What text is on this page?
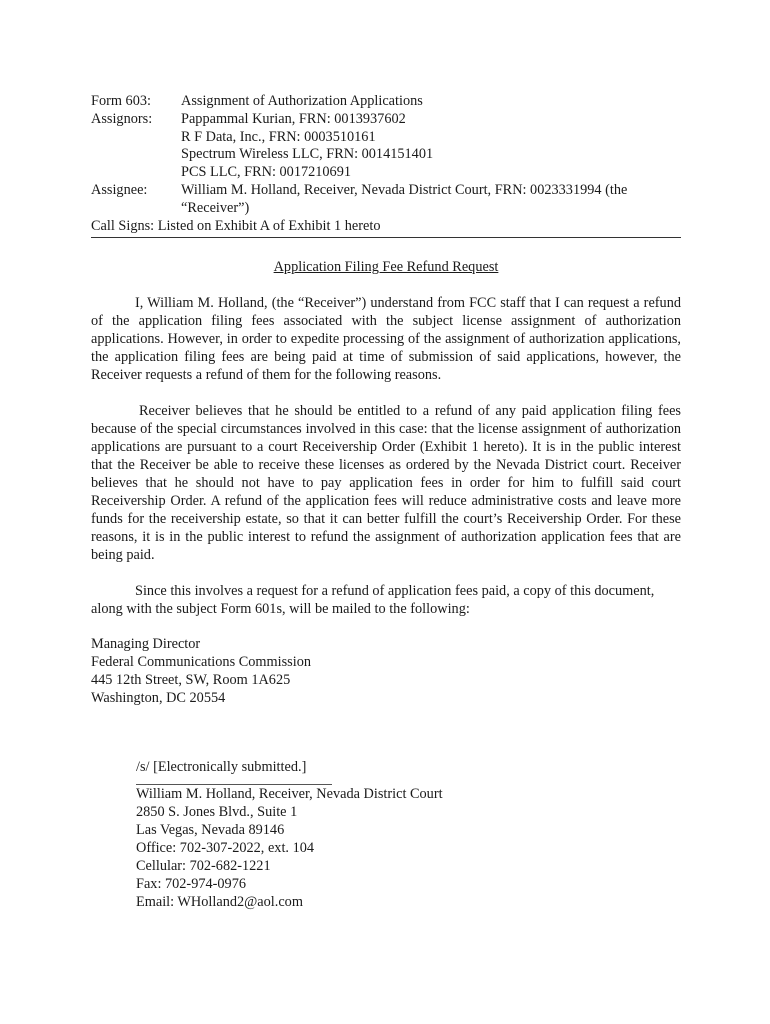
Form 603:	Assignment of Authorization Applications
Assignors:	Pappammal Kurian, FRN: 0013937602
R F Data, Inc., FRN: 0003510161
Spectrum Wireless LLC, FRN: 0014151401
PCS LLC, FRN: 0017210691

Assignee:	William M. Holland, Receiver, Nevada District Court, FRN: 0023331994 (the “Receiver”)
Call Signs: Listed on Exhibit A of Exhibit 1 hereto
Application Filing Fee Refund Request

I, William M. Holland, (the “Receiver”) understand from FCC staff that I can request a refund of the application filing fees associated with the subject license assignment of authorization applications. However, in order to expedite processing of the assignment of authorization applications, the application filing fees are being paid at time of submission of said applications, however, the Receiver requests a refund of them for the following reasons.

Receiver believes that he should be entitled to a refund of any paid application filing fees because of the special circumstances involved in this case: that the license assignment of authorization applications are pursuant to a court Receivership Order (Exhibit 1 hereto). It is in the public interest that the Receiver be able to receive these licenses as ordered by the Nevada District court. Receiver believes that he should not have to pay application fees in order for him to fulfill said court Receivership Order. A refund of the application fees will reduce administrative costs and leave more funds for the receivership estate, so that it can better fulfill the court’s Receivership Order. For these reasons, it is in the public interest to refund the assignment of authorization application fees that are being paid.

Since this involves a request for a refund of application fees paid, a copy of this document, along with the subject Form 601s, will be mailed to the following:

Managing Director
Federal Communications Commission
445 12th Street, SW, Room 1A625
Washington, DC 20554
/s/ [Electronically submitted.]
William M. Holland, Receiver, Nevada District Court
2850 S. Jones Blvd., Suite 1
Las Vegas, Nevada 89146
Office: 702-307-2022, ext. 104
Cellular: 702-682-1221
Fax: 702-974-0976
Email: WHolland2@aol.com
